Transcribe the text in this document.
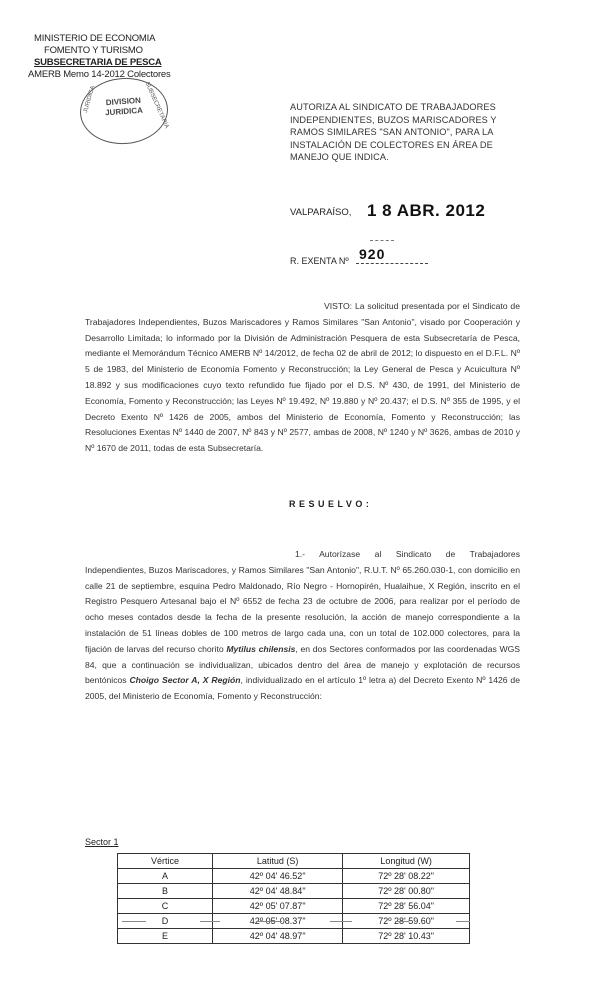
MINISTERIO DE ECONOMIA
FOMENTO Y TURISMO
SUBSECRETARIA DE PESCA
AMERB Memo 14-2012 Colectores
DIVISION
JURIDICA
JURIDICA	SUBSECRETARIA	AUTORIZA AL SINDICATO DE TRABAJADORES INDEPENDIENTES, BUZOS MARISCADORES Y RAMOS SIMILARES "SAN ANTONIO", PARA LA INSTALACIÓN DE COLECTORES EN ÁREA DE MANEJO QUE INDICA.
VALPARAÍSO, 1 8 ABR. 2012
R. EXENTA Nº 920
VISTO: La solicitud presentada por el Sindicato de Trabajadores Independientes, Buzos Mariscadores y Ramos Similares "San Antonio", visado por Cooperación y Desarrollo Limitada; lo informado por la División de Administración Pesquera de esta Subsecretaría de Pesca, mediante el Memorándum Técnico AMERB Nº 14/2012, de fecha 02 de abril de 2012; lo dispuesto en el D.F.L. Nº 5 de 1983, del Ministerio de Economía Fomento y Reconstrucción; la Ley General de Pesca y Acuicultura Nº 18.892 y sus modificaciones cuyo texto refundido fue fijado por el D.S. Nº 430, de 1991, del Ministerio de Economía, Fomento y Reconstrucción; las Leyes Nº 19.492, Nº 19.880 y Nº 20.437; el D.S. Nº 355 de 1995, y el Decreto Exento Nº 1426 de 2005, ambos del Ministerio de Economía, Fomento y Reconstrucción; las Resoluciones Exentas Nº 1440 de 2007, Nº 843 y Nº 2577, ambas de 2008, Nº 1240 y Nº 3626, ambas de 2010 y Nº 1670 de 2011, todas de esta Subsecretaría.
RESUELVO:
1.- Autorízase al Sindicato de Trabajadores Independientes, Buzos Mariscadores, y Ramos Similares "San Antonio", R.U.T. Nº 65.260.030-1, con domicilio en calle 21 de septiembre, esquina Pedro Maldonado, Río Negro - Hornopirén, Hualaihue, X Región, inscrito en el Registro Pesquero Artesanal bajo el Nº 6552 de fecha 23 de octubre de 2006, para realizar por el período de ocho meses contados desde la fecha de la presente resolución, la acción de manejo correspondiente a la instalación de 51 líneas dobles de 100 metros de largo cada una, con un total de 102.000 colectores, para la fijación de larvas del recurso chorito Mytilus chilensis, en dos Sectores conformados por las coordenadas WGS 84, que a continuación se individualizan, ubicados dentro del área de manejo y explotación de recursos bentónicos Choigo Sector A, X Región, individualizado en el artículo 1º letra a) del Decreto Exento Nº 1426 de 2005, del Ministerio de Economía, Fomento y Reconstrucción:
Sector 1
Vértice	Latitud (S)	Longitud (W)
A	42º 04' 46.52"	72º 28' 08.22"
B	42º 04' 48.84"	72º 28' 00.80"
C	42º 05' 07.87"	72º 28' 56.04"
D	42º 05' 08.37"	72º 28' 59.60"
E	42º 04' 48.97"	72º 28' 10.43"
